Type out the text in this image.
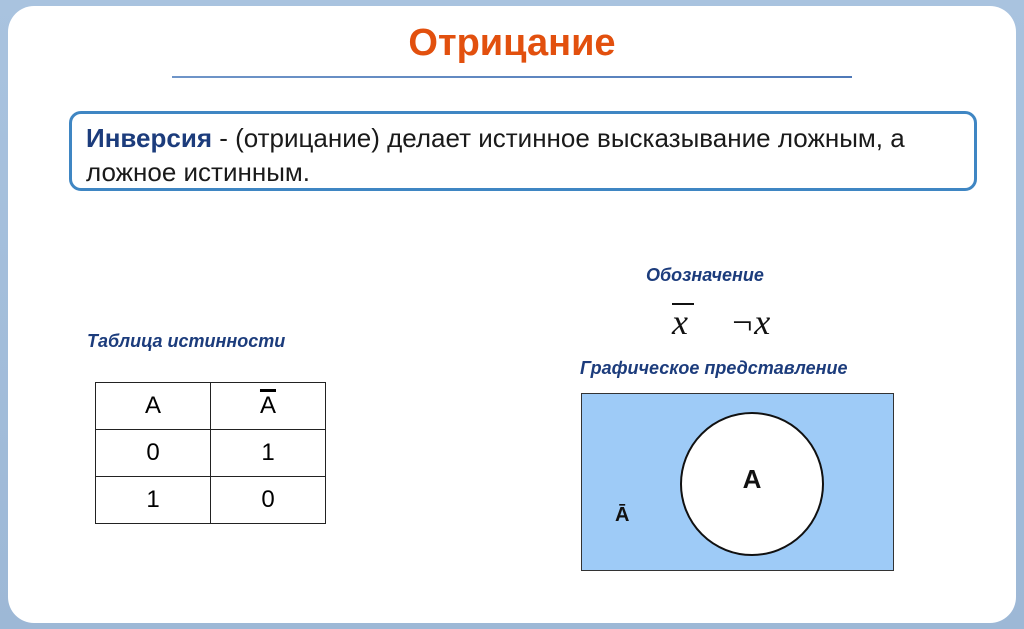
Отрицание
Инверсия - (отрицание) делает истинное высказывание ложным, а ложное истинным.
Обозначение
x ¬x
Таблица истинности
А	А
0	1
1	0
Графическое представление
A
Ā
